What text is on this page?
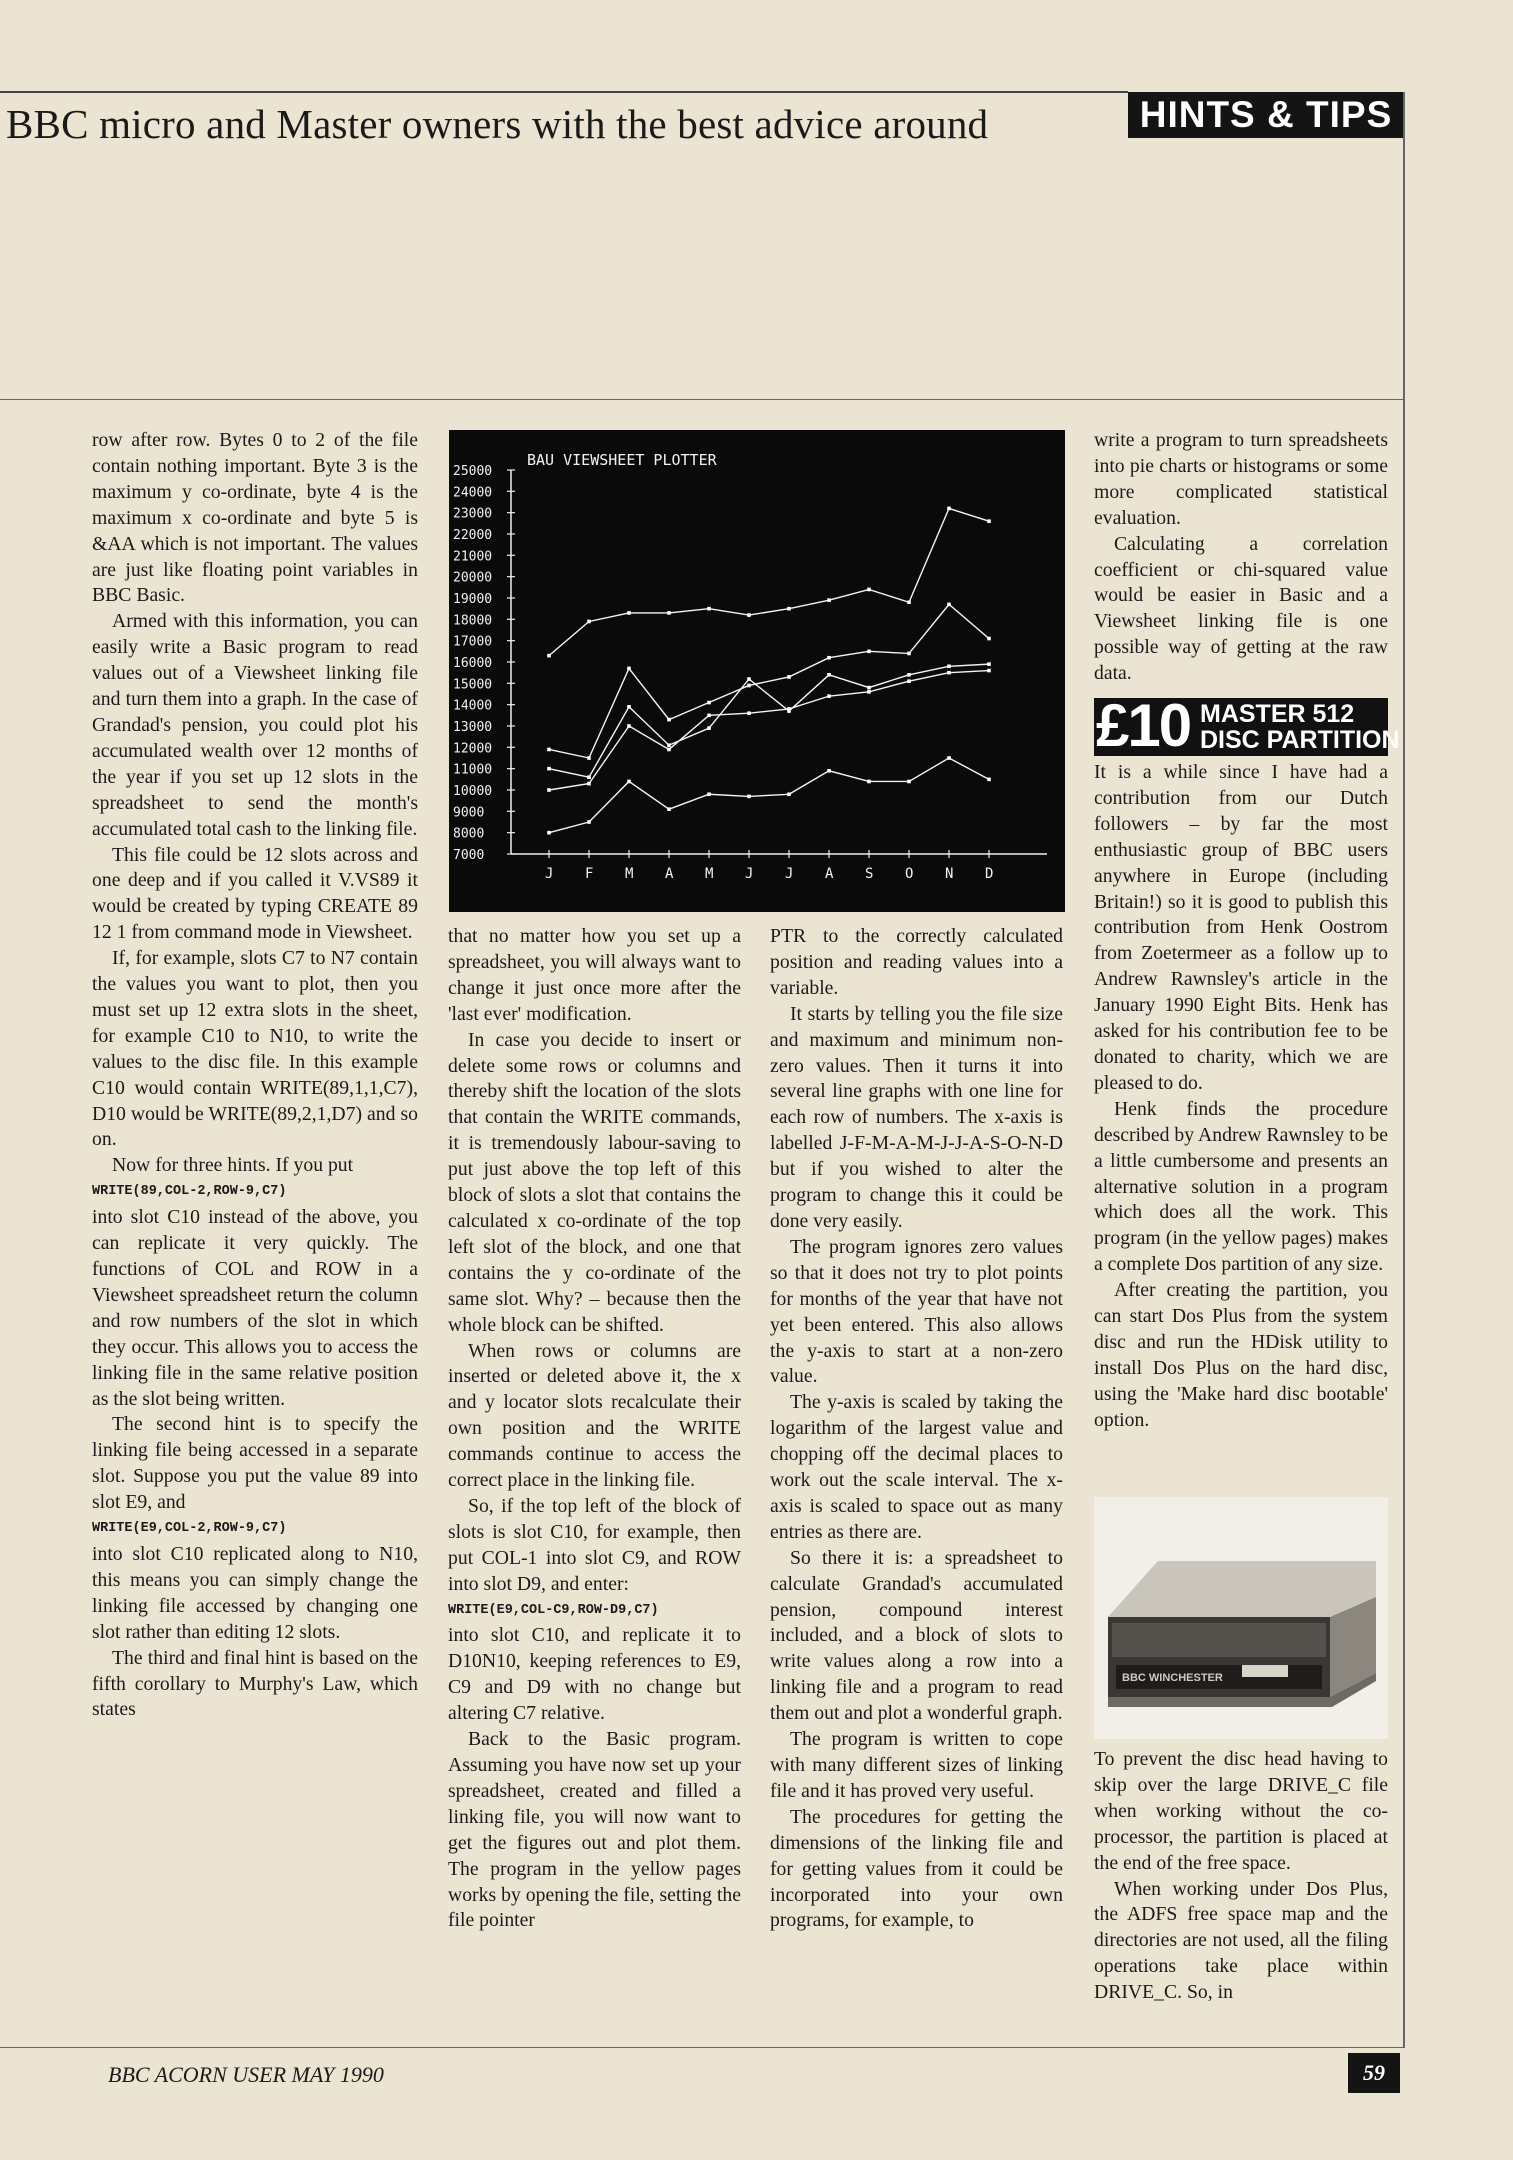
BBC micro and Master owners with the best advice around	HINTS & TIPS

row after row. Bytes 0 to 2 of the file contain nothing important. Byte 3 is the maximum y co-ordinate, byte 4 is the maximum x co-ordinate and byte 5 is &AA which is not important. The values are just like floating point variables in BBC Basic.

Armed with this information, you can easily write a Basic program to read values out of a Viewsheet linking file and turn them into a graph. In the case of Grandad's pension, you could plot his accumulated wealth over 12 months of the year if you set up 12 slots in the spreadsheet to send the month's accumulated total cash to the linking file.

This file could be 12 slots across and one deep and if you called it V.VS89 it would be created by typing CREATE 89 12 1 from command mode in Viewsheet.

If, for example, slots C7 to N7 contain the values you want to plot, then you must set up 12 extra slots in the sheet, for example C10 to N10, to write the values to the disc file. In this example C10 would contain WRITE(89,1,1,C7), D10 would be WRITE(89,2,1,D7) and so on.

Now for three hints. If you put

WRITE(89,COL-2,ROW-9,C7)

into slot C10 instead of the above, you can replicate it very quickly. The functions of COL and ROW in a Viewsheet spreadsheet return the column and row numbers of the slot in which they occur. This allows you to access the linking file in the same relative position as the slot being written.

The second hint is to specify the linking file being accessed in a separate slot. Suppose you put the value 89 into slot E9, and

WRITE(E9,COL-2,ROW-9,C7)

into slot C10 replicated along to N10, this means you can simply change the linking file accessed by changing one slot rather than editing 12 slots.

The third and final hint is based on the fifth corollary to Murphy's Law, which states

BAU VIEWSHEET PLOTTER
25000
24000
23000
22000
21000
20000
19000
18000
17000
16000
15000
14000
13000
12000
11000
10000
9000
8000
7000
J F M A M J J A S O N D

that no matter how you set up a spreadsheet, you will always want to change it just once more after the 'last ever' modification.

In case you decide to insert or delete some rows or columns and thereby shift the location of the slots that contain the WRITE commands, it is tremendously labour-saving to put just above the top left of this block of slots a slot that contains the calculated x co-ordinate of the top left slot of the block, and one that contains the y co-ordinate of the same slot. Why? – because then the whole block can be shifted.

When rows or columns are inserted or deleted above it, the x and y locator slots recalculate their own position and the WRITE commands continue to access the correct place in the linking file.

So, if the top left of the block of slots is slot C10, for example, then put COL-1 into slot C9, and ROW into slot D9, and enter:

WRITE(E9,COL-C9,ROW-D9,C7)

into slot C10, and replicate it to D10N10, keeping references to E9, C9 and D9 with no change but altering C7 relative.

Back to the Basic program. Assuming you have now set up your spreadsheet, created and filled a linking file, you will now want to get the figures out and plot them. The program in the yellow pages works by opening the file, setting the file pointer

PTR to the correctly calculated position and reading values into a variable.

It starts by telling you the file size and maximum and minimum non-zero values. Then it turns it into several line graphs with one line for each row of numbers. The x-axis is labelled J-F-M-A-M-J-J-A-S-O-N-D but if you wished to alter the program to change this it could be done very easily.

The program ignores zero values so that it does not try to plot points for months of the year that have not yet been entered. This also allows the y-axis to start at a non-zero value.

The y-axis is scaled by taking the logarithm of the largest value and chopping off the decimal places to work out the scale interval. The x-axis is scaled to space out as many entries as there are.

So there it is: a spreadsheet to calculate Grandad's accumulated pension, compound interest included, and a block of slots to write values along a row into a linking file and a program to read them out and plot a wonderful graph.

The program is written to cope with many different sizes of linking file and it has proved very useful.

The procedures for getting the dimensions of the linking file and for getting values from it could be incorporated into your own programs, for example, to

write a program to turn spreadsheets into pie charts or histograms or some more complicated statistical evaluation.

Calculating a correlation coefficient or chi-squared value would be easier in Basic and a Viewsheet linking file is one possible way of getting at the raw data.

£10 MASTER 512
DISC PARTITION

It is a while since I have had a contribution from our Dutch followers – by far the most enthusiastic group of BBC users anywhere in Europe (including Britain!) so it is good to publish this contribution from Henk Oostrom from Zoetermeer as a follow up to Andrew Rawnsley's article in the January 1990 Eight Bits. Henk has asked for his contribution fee to be donated to charity, which we are pleased to do.

Henk finds the procedure described by Andrew Rawnsley to be a little cumbersome and presents an alternative solution in a program which does all the work. This program (in the yellow pages) makes a complete Dos partition of any size.

After creating the partition, you can start Dos Plus from the system disc and run the HDisk utility to install Dos Plus on the hard disc, using the 'Make hard disc bootable' option.

BBC WINCHESTER

To prevent the disc head having to skip over the large DRIVE_C file when working without the co-processor, the partition is placed at the end of the free space.

When working under Dos Plus, the ADFS free space map and the directories are not used, all the filing operations take place within DRIVE_C. So, in

BBC ACORN USER MAY 1990	59
